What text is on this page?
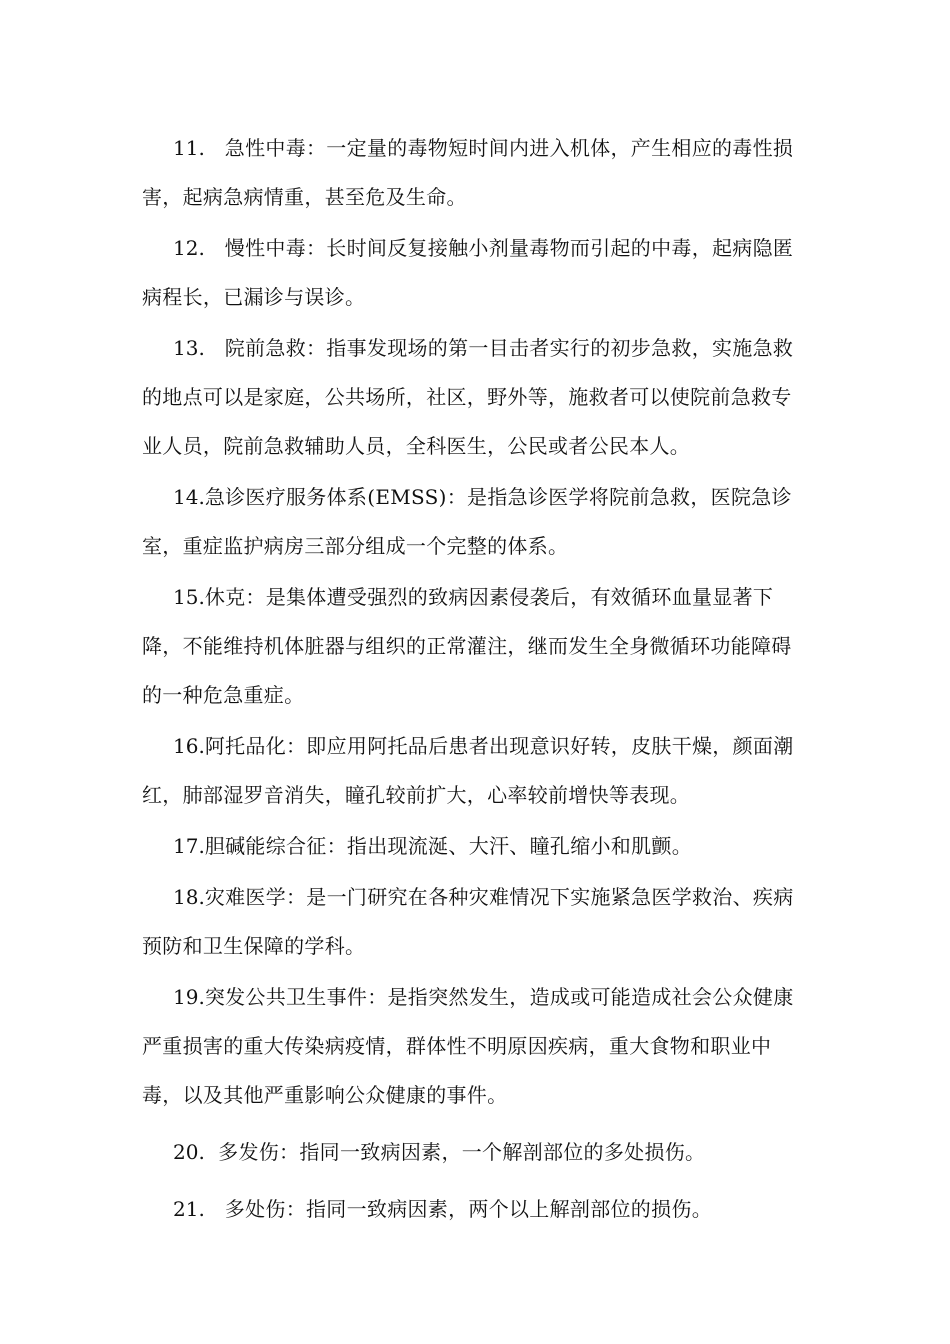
11. 急性中毒：一定量的毒物短时间内进入机体，产生相应的毒性损害，起病急病情重，甚至危及生命。

12. 慢性中毒：长时间反复接触小剂量毒物而引起的中毒，起病隐匿病程长，已漏诊与误诊。

13. 院前急救：指事发现场的第一目击者实行的初步急救，实施急救的地点可以是家庭，公共场所，社区，野外等，施救者可以使院前急救专业人员，院前急救辅助人员，全科医生，公民或者公民本人。

14.急诊医疗服务体系(EMSS)：是指急诊医学将院前急救，医院急诊室，重症监护病房三部分组成一个完整的体系。

15.休克：是集体遭受强烈的致病因素侵袭后，有效循环血量显著下降，不能维持机体脏器与组织的正常灌注，继而发生全身微循环功能障碍的一种危急重症。

16.阿托品化：即应用阿托品后患者出现意识好转，皮肤干燥，颜面潮红，肺部湿罗音消失，瞳孔较前扩大，心率较前增快等表现。

17.胆碱能综合征：指出现流涎、大汗、瞳孔缩小和肌颤。

18.灾难医学：是一门研究在各种灾难情况下实施紧急医学救治、疾病预防和卫生保障的学科。

19.突发公共卫生事件：是指突然发生，造成或可能造成社会公众健康严重损害的重大传染病疫情，群体性不明原因疾病，重大食物和职业中毒，以及其他严重影响公众健康的事件。

20. 多发伤：指同一致病因素，一个解剖部位的多处损伤。

21. 多处伤：指同一致病因素，两个以上解剖部位的损伤。
